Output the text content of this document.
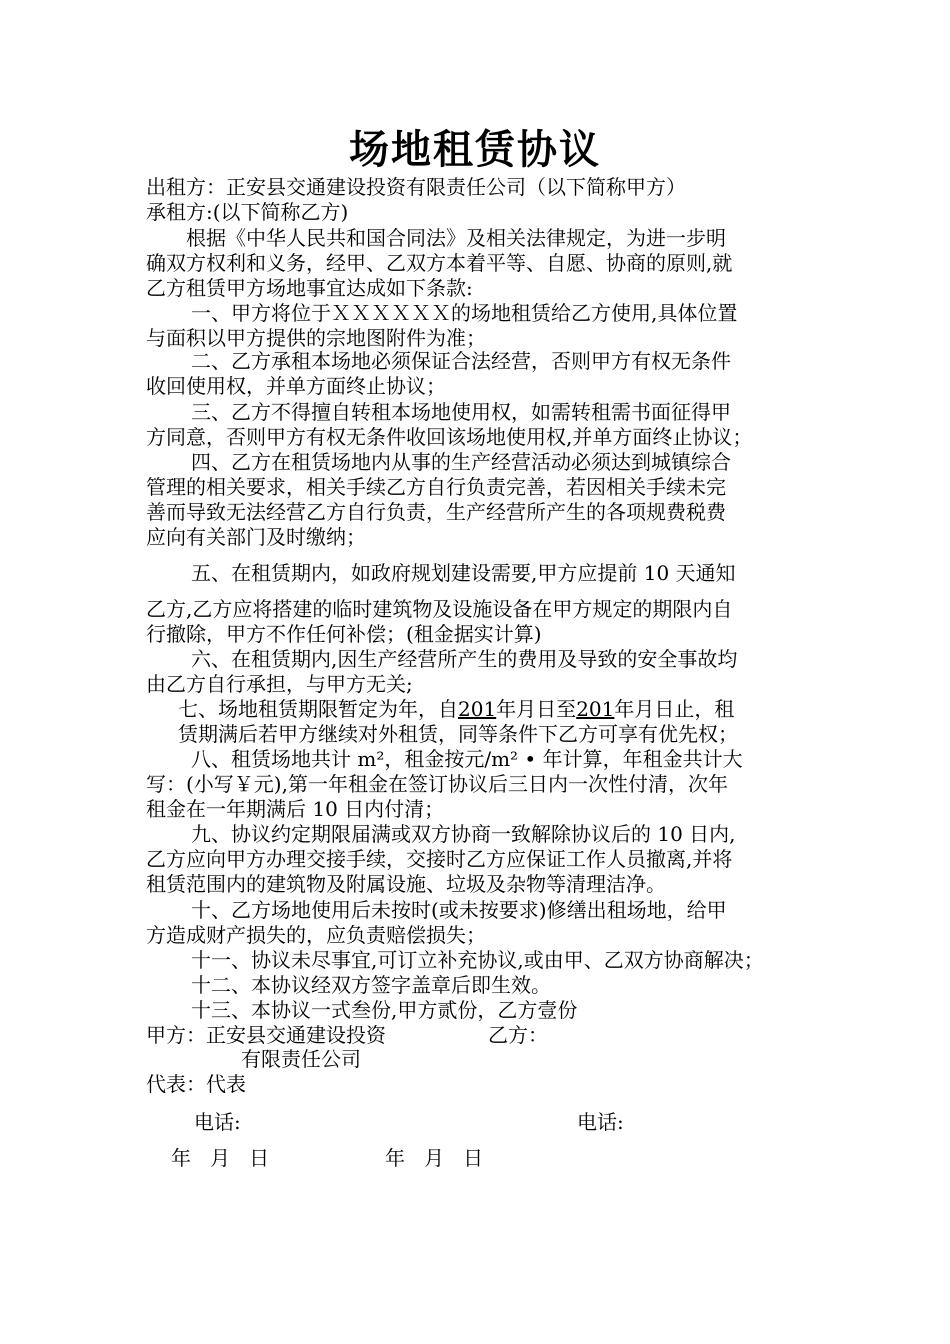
场地租赁协议
出租方：正安县交通建设投资有限责任公司（以下简称甲方）
承租方:(以下简称乙方)
根据《中华人民共和国合同法》及相关法律规定，为进一步明
确双方权利和义务，经甲、乙双方本着平等、自愿、协商的原则,就
乙方租赁甲方场地事宜达成如下条款:
一、甲方将位于ＸＸＸＸＸＸ的场地租赁给乙方使用,具体位置
与面积以甲方提供的宗地图附件为准；
二、乙方承租本场地必须保证合法经营，否则甲方有权无条件
收回使用权，并单方面终止协议；
三、乙方不得擅自转租本场地使用权，如需转租需书面征得甲
方同意，否则甲方有权无条件收回该场地使用权,并单方面终止协议；
四、乙方在租赁场地内从事的生产经营活动必须达到城镇综合
管理的相关要求，相关手续乙方自行负责完善，若因相关手续未完
善而导致无法经营乙方自行负责，生产经营所产生的各项规费税费
应向有关部门及时缴纳；
五、在租赁期内，如政府规划建设需要,甲方应提前 10 天通知
乙方,乙方应将搭建的临时建筑物及设施设备在甲方规定的期限内自
行撤除，甲方不作任何补偿；(租金据实计算)
六、在租赁期内,因生产经营所产生的费用及导致的安全事故均
由乙方自行承担，与甲方无关;
七、场地租赁期限暂定为年，自201年月日至201年月日止，租
赁期满后若甲方继续对外租赁，同等条件下乙方可享有优先权；
八、租赁场地共计 m²，租金按元/m² • 年计算，年租金共计大
写：(小写￥元),第一年租金在签订协议后三日内一次性付清，次年
租金在一年期满后 10 日内付清；
九、协议约定期限届满或双方协商一致解除协议后的 10 日内,
乙方应向甲方办理交接手续，交接时乙方应保证工作人员撤离,并将
租赁范围内的建筑物及附属设施、垃圾及杂物等清理洁净。
十、乙方场地使用后未按时(或未按要求)修缮出租场地，给甲
方造成财产损失的，应负责赔偿损失；
十一、协议未尽事宜,可订立补充协议,或由甲、乙双方协商解决；
十二、本协议经双方签字盖章后即生效。
十三、本协议一式叁份,甲方贰份，乙方壹份
甲方：正安县交通建设投资	乙方：
有限责任公司
代表：代表
电话:	电话:
年   月   日	年   月   日
